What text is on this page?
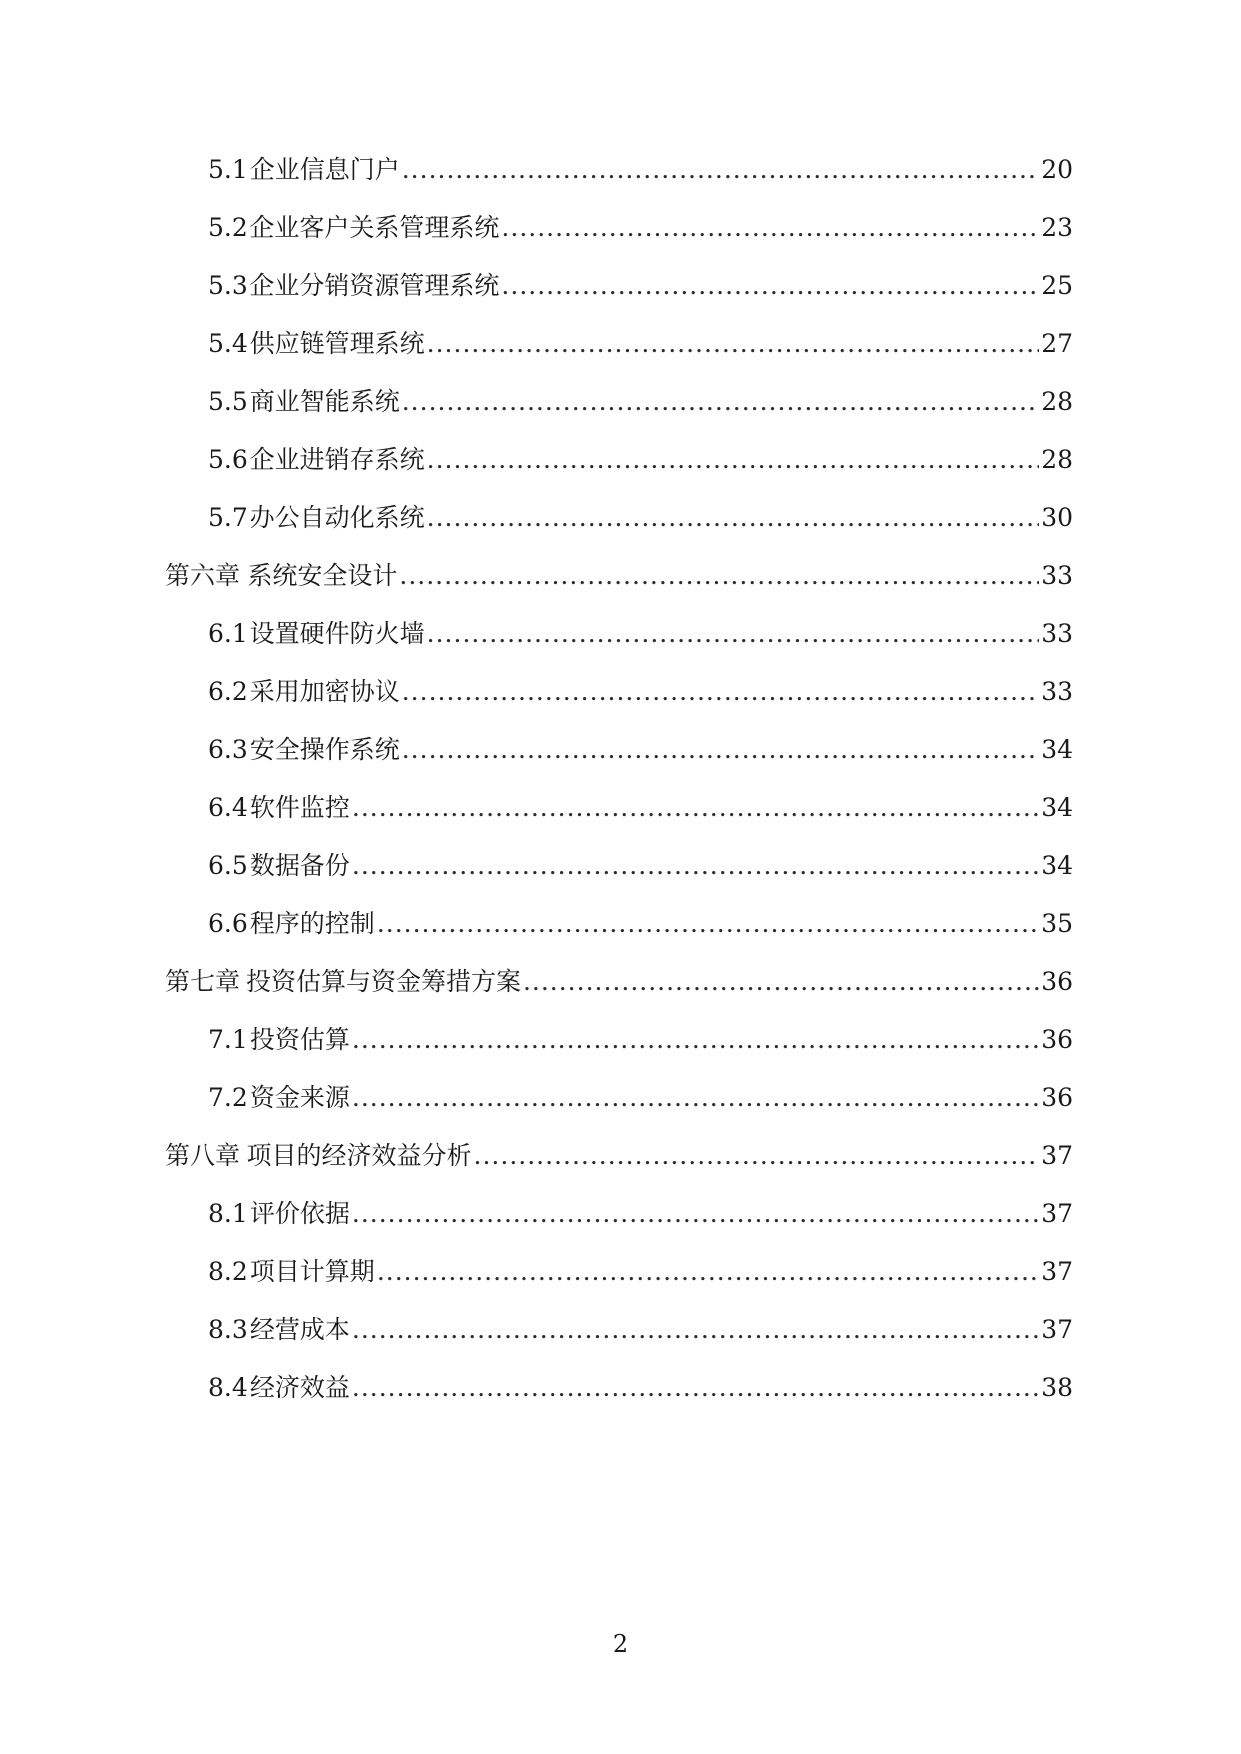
5.1 企业信息门户 .....	20
5.2 企业客户关系管理系统 .....	23
5.3 企业分销资源管理系统 .....	25
5.4 供应链管理系统 .....	27
5.5 商业智能系统 .....	28
5.6 企业进销存系统 .....	28
5.7 办公自动化系统 .....	30
第六章 系统安全设计 .....	33
6.1 设置硬件防火墙 .....	33
6.2 采用加密协议 .....	33
6.3 安全操作系统 .....	34
6.4 软件监控 .....	34
6.5 数据备份 .....	34
6.6 程序的控制 .....	35
第七章 投资估算与资金筹措方案 .....	36
7.1 投资估算 .....	36
7.2 资金来源 .....	36
第八章 项目的经济效益分析 .....	37
8.1 评价依据 .....	37
8.2 项目计算期 .....	37
8.3 经营成本 .....	37
8.4 经济效益 .....	38
2
